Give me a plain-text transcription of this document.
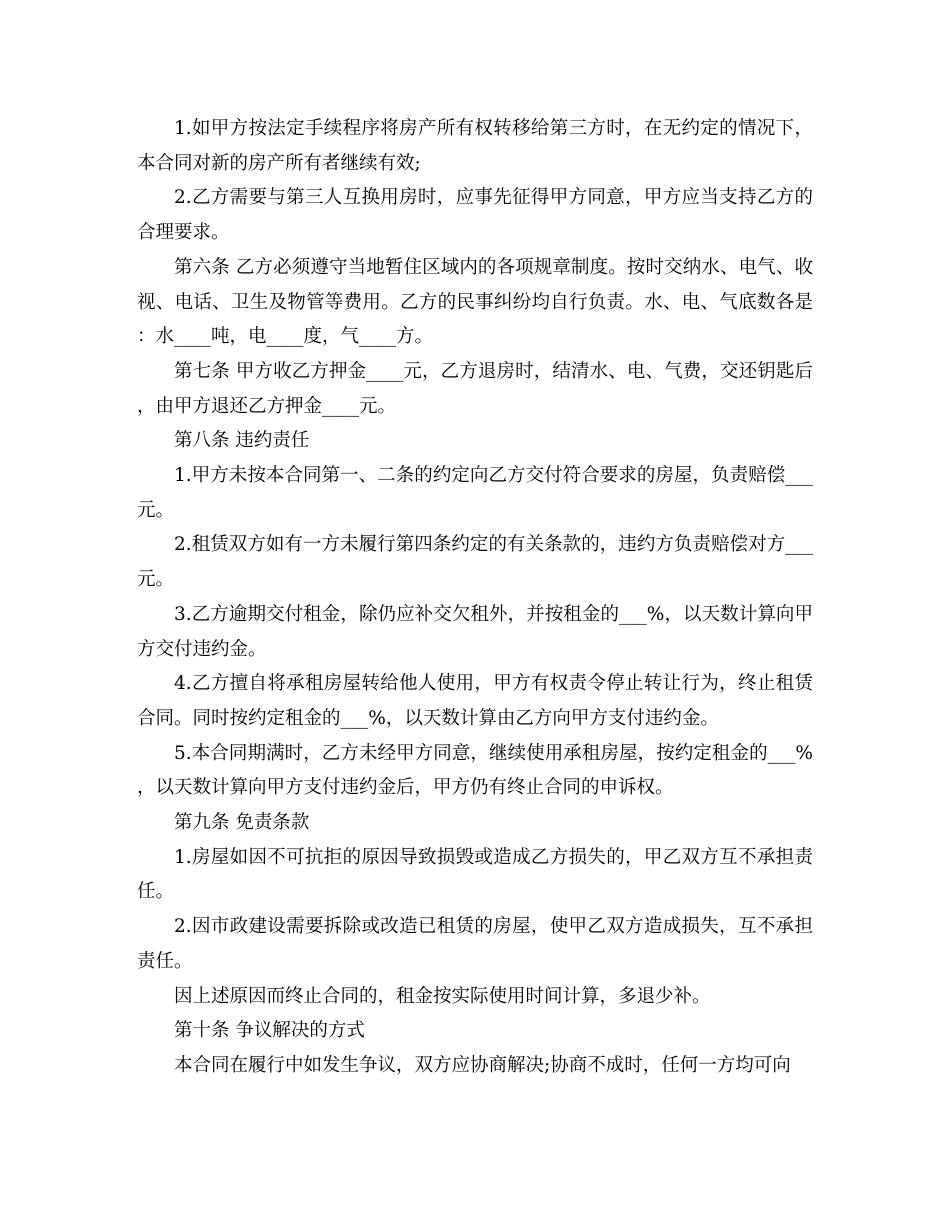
1.如甲方按法定手续程序将房产所有权转移给第三方时，在无约定的情况下，本合同对新的房产所有者继续有效;

2.乙方需要与第三人互换用房时，应事先征得甲方同意，甲方应当支持乙方的合理要求。

第六条 乙方必须遵守当地暂住区域内的各项规章制度。按时交纳水、电气、收视、电话、卫生及物管等费用。乙方的民事纠纷均自行负责。水、电、气底数各是：水____吨，电____度，气____方。

第七条 甲方收乙方押金____元，乙方退房时，结清水、电、气费，交还钥匙后，由甲方退还乙方押金____元。

第八条 违约责任

1.甲方未按本合同第一、二条的约定向乙方交付符合要求的房屋，负责赔偿___元。

2.租赁双方如有一方未履行第四条约定的有关条款的，违约方负责赔偿对方___元。

3.乙方逾期交付租金，除仍应补交欠租外，并按租金的___%，以天数计算向甲方交付违约金。

4.乙方擅自将承租房屋转给他人使用，甲方有权责令停止转让行为，终止租赁合同。同时按约定租金的___%，以天数计算由乙方向甲方支付违约金。

5.本合同期满时，乙方未经甲方同意，继续使用承租房屋，按约定租金的___%，以天数计算向甲方支付违约金后，甲方仍有终止合同的申诉权。

第九条 免责条款

1.房屋如因不可抗拒的原因导致损毁或造成乙方损失的，甲乙双方互不承担责任。

2.因市政建设需要拆除或改造已租赁的房屋，使甲乙双方造成损失，互不承担责任。

因上述原因而终止合同的，租金按实际使用时间计算，多退少补。

第十条 争议解决的方式

本合同在履行中如发生争议，双方应协商解决;协商不成时，任何一方均可向
